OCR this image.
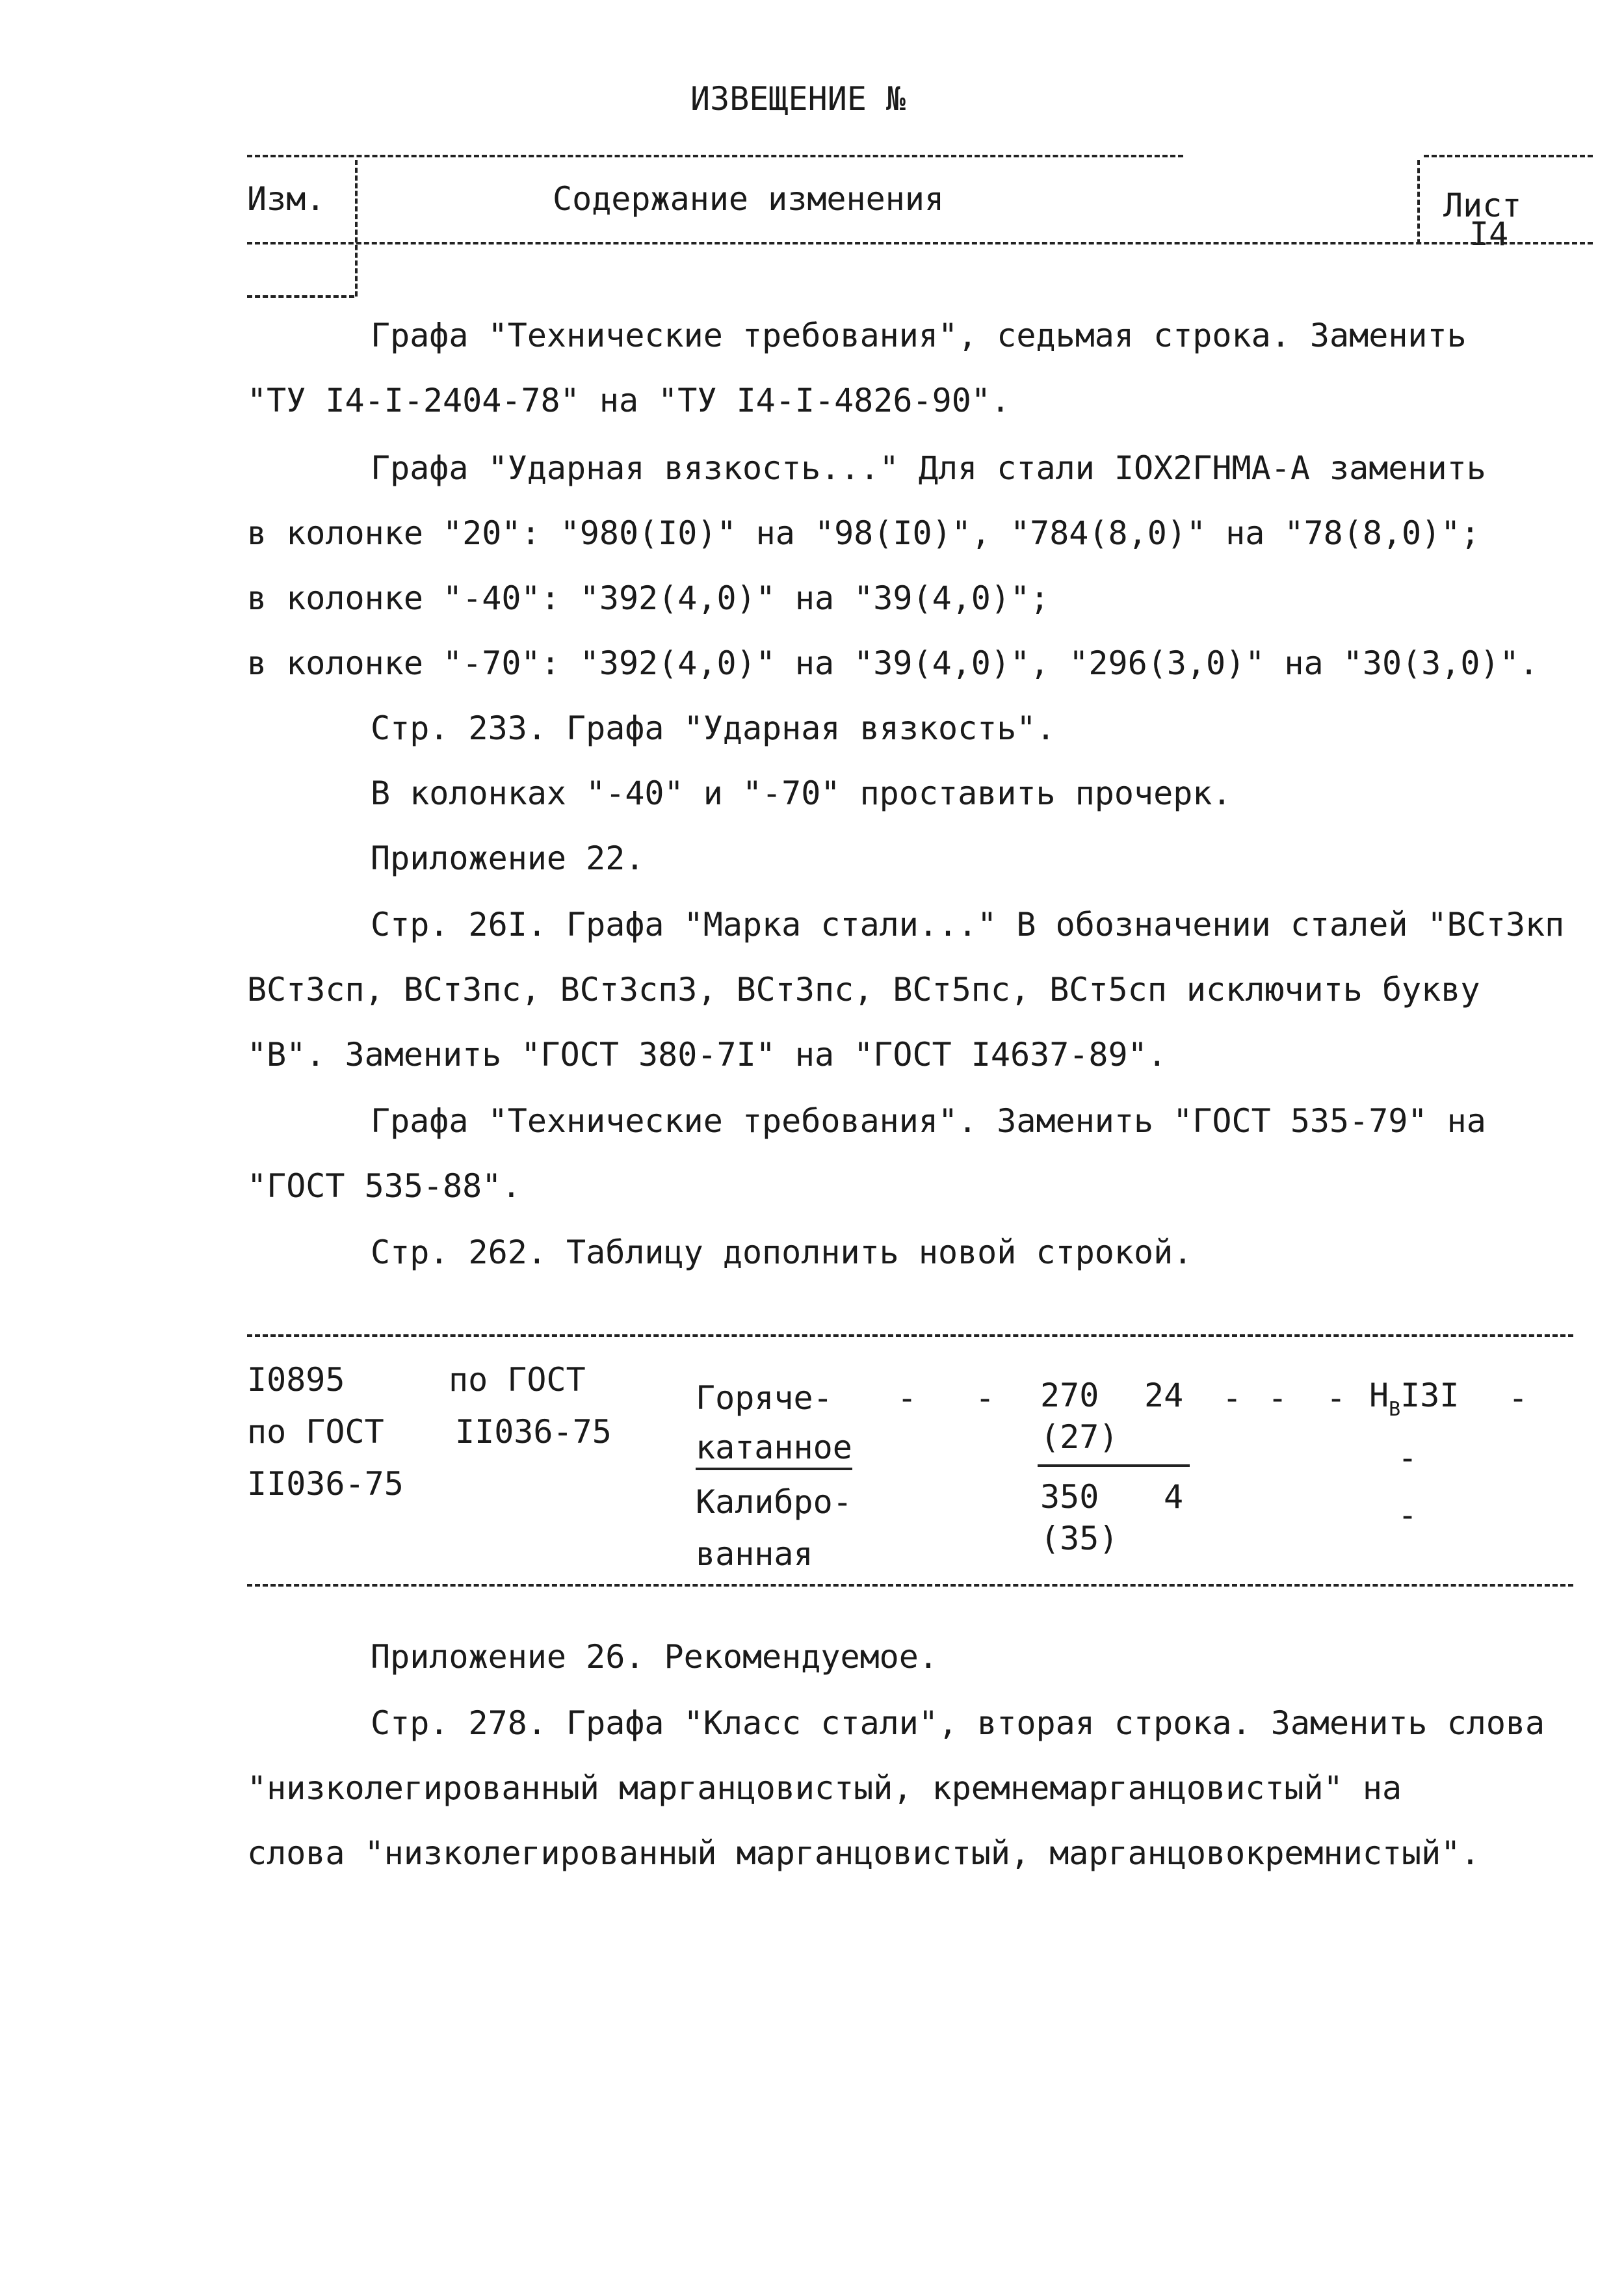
ИЗВЕЩЕНИЕ №
Изм.	Содержание изменения	Лист
I4
Графа "Технические требования", седьмая строка. Заменить
"ТУ I4-I-2404-78" на "ТУ I4-I-4826-90".
Графа "Ударная вязкость..." Для стали IOX2ГНМА-А заменить
в колонке "20": "980(I0)" на "98(I0)", "784(8,0)" на "78(8,0)";
в колонке "-40": "392(4,0)" на "39(4,0)";
в колонке "-70": "392(4,0)" на "39(4,0)", "296(3,0)" на "30(3,0)".
Стр. 233. Графа "Ударная вязкость".
В колонках "-40" и "-70" проставить прочерк.
Приложение 22.
Стр. 26I. Графа "Марка стали..." В обозначении сталей "ВСт3кп
ВСт3сп, ВСт3пс, ВСт3сп3, ВСт3пс, ВСт5пс, ВСт5сп исключить букву
"В". Заменить "ГОСТ 380-7I" на "ГОСТ I4637-89".
Графа "Технические требования". Заменить "ГОСТ 535-79" на
"ГОСТ 535-88".
Стр. 262. Таблицу дополнить новой строкой.
I0895
по ГОСТ
II036-75
по ГОСТ
II036-75
Горяче-
катанное
Калибро-
ванная
- - 270
(27)
24 - - - $Н_ВI3I$ -
350
(35)
4
-
-
Приложение 26. Рекомендуемое.
Стр. 278. Графа "Класс стали", вторая строка. Заменить слова
"низколегированный марганцовистый, кремнемарганцовистый" на
слова "низколегированный марганцовистый, марганцовокремнистый".
